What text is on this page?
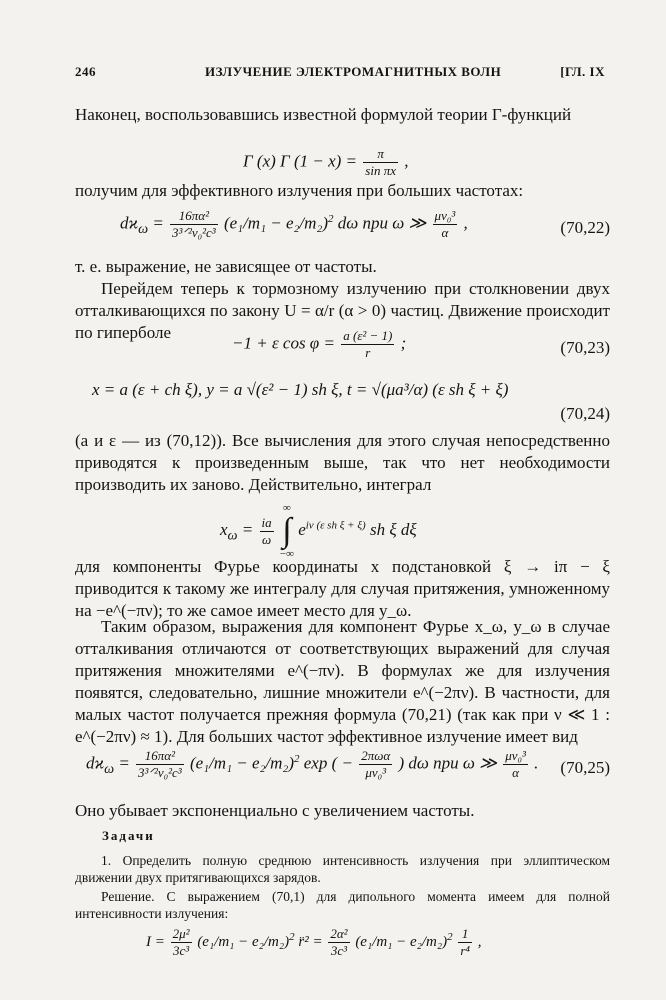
246	ИЗЛУЧЕНИЕ ЭЛЕКТРОМАГНИТНЫХ ВОЛН	[ГЛ. IX
Наконец, воспользовавшись известной формулой теории Г-функций
Γ (x) Γ $(1 - x) = \frac{\pi}{\text{sin πx}}$ ,
получим для эффективного излучения при больших частотах:
$dϰ_\omega = \frac{\text{16πα²}}{\text{3³ᐟ²v₀²c³}} (e_1/m_1 - e_2/m_2)^2$ dω при ω ≫ $\frac{\text{μv₀³}}{\alpha}$ ,	(70,22)
т. е. выражение, не зависящее от частоты.
Перейдем теперь к тормозному излучению при столкновении двух отталкивающихся по закону U = α/r (α > 0) частиц. Движение происходит по гиперболе
−1 + ε $\cos \varphi = \frac{\text{a (ε² − 1)}}{r}$ ;	(70,23)
x = a (ε + ch ξ), y = a √(ε² − 1) sh ξ, t = √(μa³/α) (ε sh ξ + ξ)
(70,24)
(a и ε — из (70,12)). Все вычисления для этого случая непосредственно приводятся к произведенным выше, так что нет необходимости производить их заново. Действительно, интеграл
$x_\omega = \frac{ia}{\omega}$
∞
∫
−∞ $e^{i\nu (\varepsilon sh \xi + \xi)}$ sh ξ dξ
для компоненты Фурье координаты x подстановкой ξ → iπ − ξ приводится к такому же интегралу для случая притяжения, умноженному на −e^(−πν); то же самое имеет место для y_ω.
Таким образом, выражения для компонент Фурье x_ω, y_ω в случае отталкивания отличаются от соответствующих выражений для случая притяжения множителями e^(−πν). В формулах же для излучения появятся, следовательно, лишние множители e^(−2πν). В частности, для малых частот получается прежняя формула (70,21) (так как при ν ≪ 1 : e^(−2πν) ≈ 1). Для больших частот эффективное излучение имеет вид
$dϰ_\omega = \frac{\text{16πα²}}{\text{3³ᐟ²v₀²c³}} (e_1/m_1 - e_2/m_2)^2$ exp ( − $\frac{\text{2πωα}}{\text{μv₀³}}$ ) dω при ω ≫ $\frac{\text{μv₀³}}{\alpha}$ . (70,25)
Оно убывает экспоненциально с увеличением частоты.
Задачи
1. Определить полную среднюю интенсивность излучения при эллиптическом движении двух притягивающихся зарядов.
Решение. С выражением (70,1) для дипольного момента имеем для полной интенсивности излучения:
$I = \frac{\text{2μ²}}{\text{3c³}} (e_1/m_1 - e_2/m_2)^2$ r̈² = $\frac{\text{2α²}}{\text{3c³}} (e_1/m_1 - e_2/m_2)^2 \frac{1}{\text{r⁴}}$ ,
